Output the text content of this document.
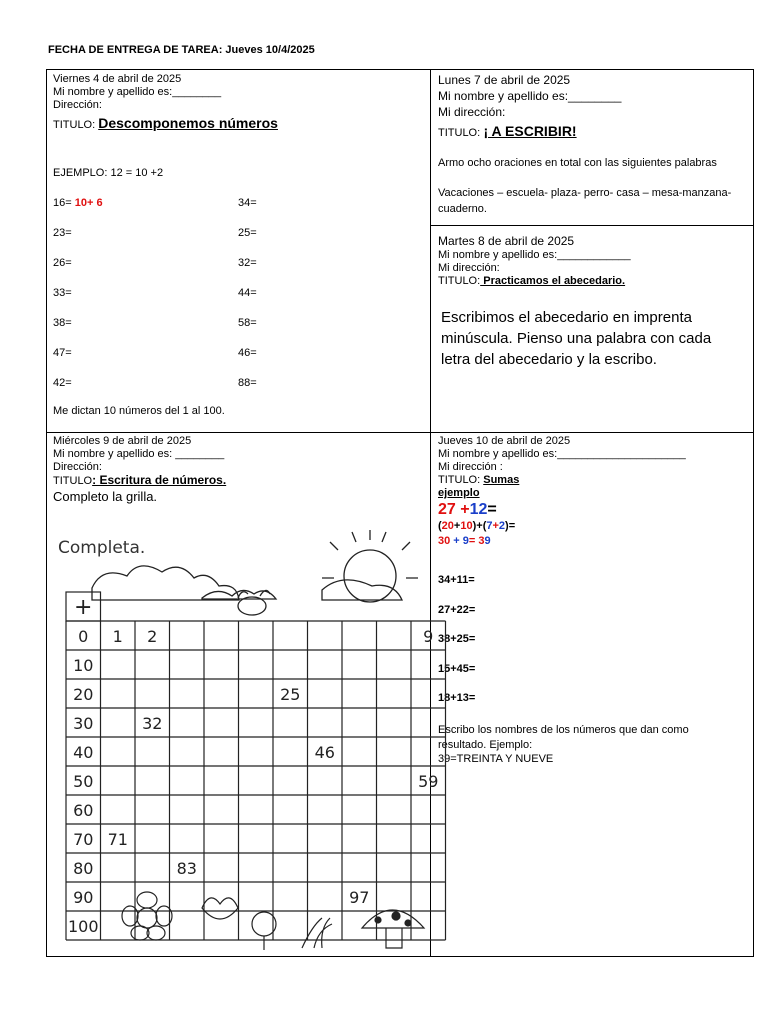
FECHA DE ENTREGA DE TAREA: Jueves 10/4/2025
Viernes 4 de abril de 2025
Mi nombre y apellido es:________
Dirección:
TITULO: Descomponemos números
EJEMPLO: 12 = 10 +2
16= 10+ 6
23=
26=
33=
38=
47=
42=
34=
25=
32=
44=
58=
46=
88=
Me dictan 10 números del 1 al 100.
Lunes 7 de abril de 2025
Mi nombre y apellido es:________
Mi dirección:
TITULO: ¡ A ESCRIBIR!
Armo ocho oraciones en total con las siguientes palabras
Vacaciones – escuela- plaza- perro- casa – mesa-manzana-cuaderno.
Martes 8 de abril de 2025
Mi nombre y apellido es:____________
Mi dirección:
TITULO: Practicamos el abecedario.
Escribimos el abecedario en imprenta minúscula. Pienso una palabra con cada letra del abecedario y la escribo.
Miércoles 9 de abril de 2025
Mi nombre y apellido es: ________
Dirección:
TITULO: Escritura de números.
Completo la grilla.
Jueves 10 de abril de 2025
Mi nombre y apellido es:_____________________
Mi dirección :
TITULO: Sumas
ejemplo
27 +12=
(20+10)+(7+2)=
30 + 9= 39
34+11=
27+22=
38+25=
15+45=
18+13=
Escribo los nombres de los números que dan como resultado. Ejemplo:
39=TREINTA Y NUEVE
Completa.
+
0
10
20
30
40
50
60
70
80
90
100
1 2	9
25
32
46
59
71
83
97
